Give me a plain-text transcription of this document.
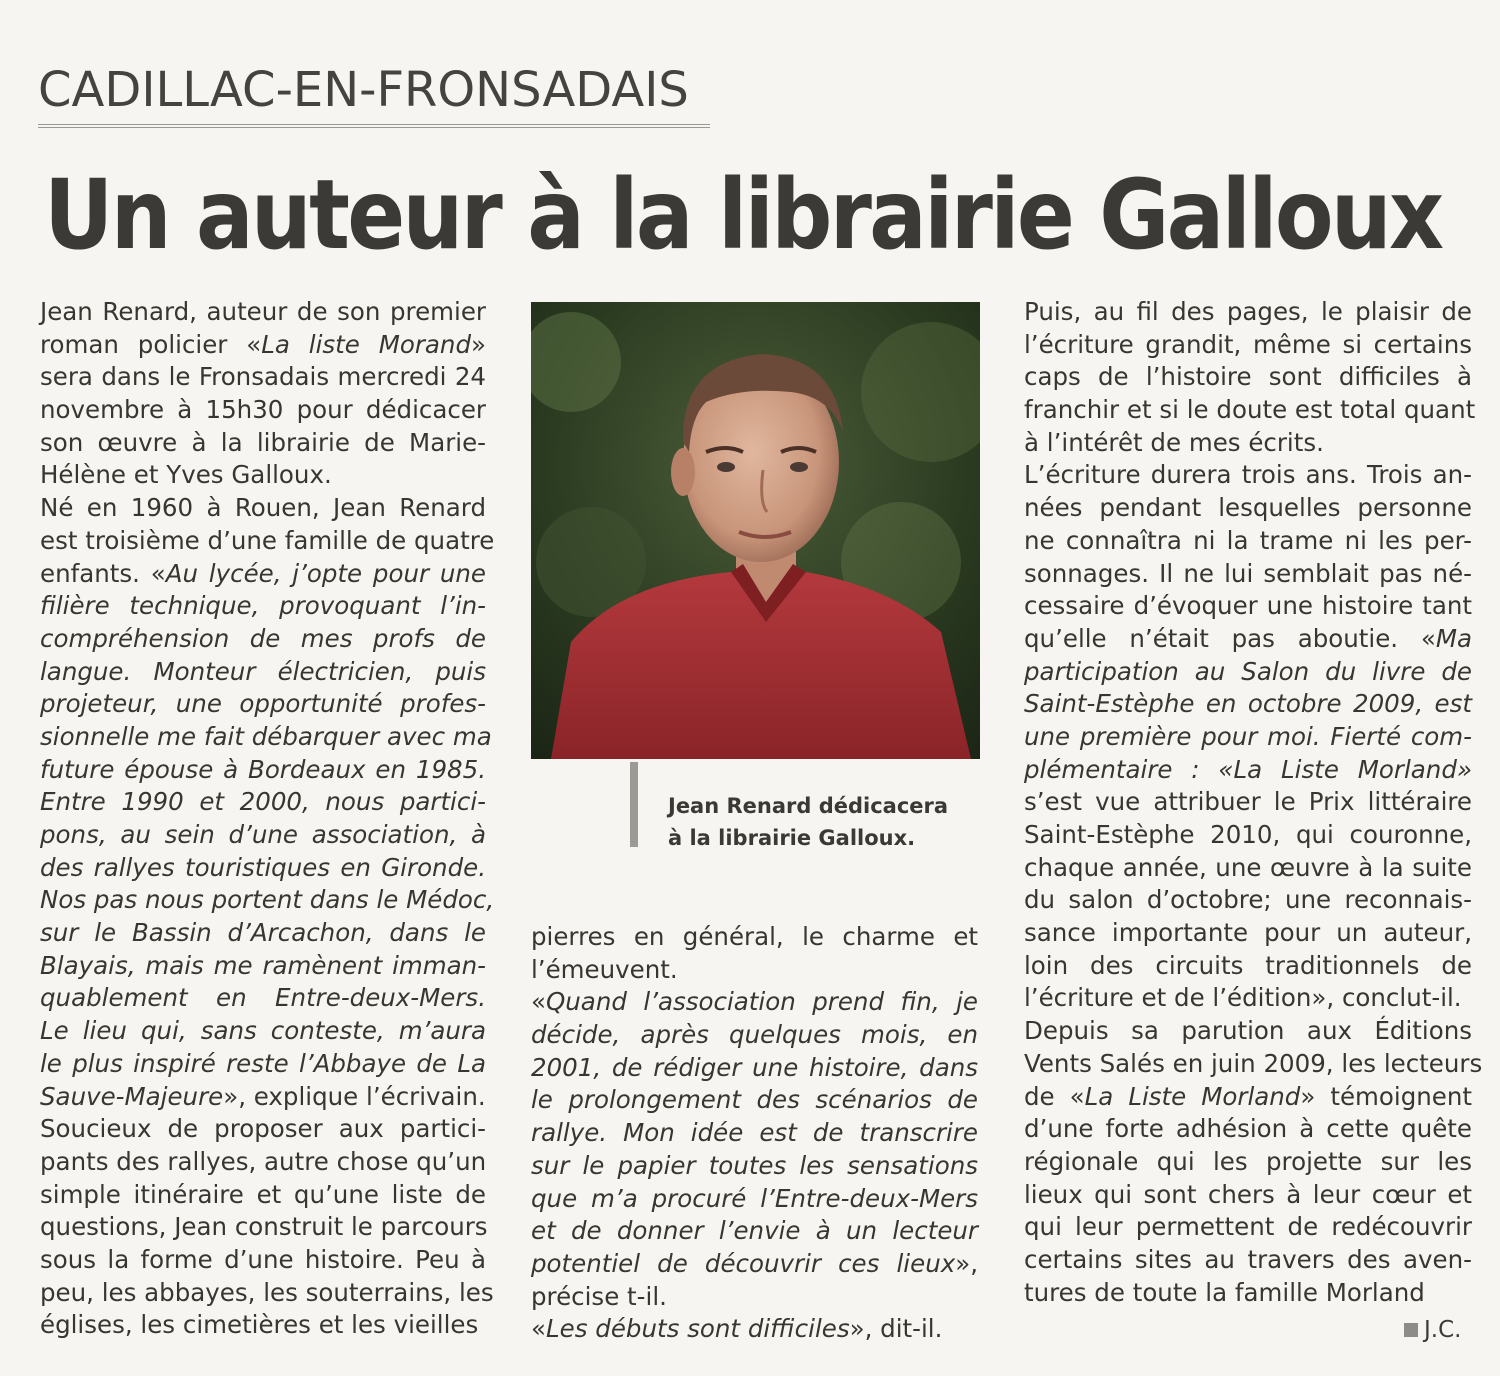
CADILLAC-EN-FRONSADAIS
Un auteur à la librairie Galloux
Jean Renard, auteur de son premier
roman policier «La liste Morand»
sera dans le Fronsadais mercredi 24
novembre à 15h30 pour dédicacer
son œuvre à la librairie de Marie-
Hélène et Yves Galloux.
Né en 1960 à Rouen, Jean Renard
est troisième d’une famille de quatre
enfants. «Au lycée, j’opte pour une
filière technique, provoquant l’in-
compréhension de mes profs de
langue. Monteur électricien, puis
projeteur, une opportunité profes-
sionnelle me fait débarquer avec ma
future épouse à Bordeaux en 1985.
Entre 1990 et 2000, nous partici-
pons, au sein d’une association, à
des rallyes touristiques en Gironde.
Nos pas nous portent dans le Médoc,
sur le Bassin d’Arcachon, dans le
Blayais, mais me ramènent imman-
quablement en Entre-deux-Mers.
Le lieu qui, sans conteste, m’aura
le plus inspiré reste l’Abbaye de La
Sauve-Majeure», explique l’écrivain.
Soucieux de proposer aux partici-
pants des rallyes, autre chose qu’un
simple itinéraire et qu’une liste de
questions, Jean construit le parcours
sous la forme d’une histoire. Peu à
peu, les abbayes, les souterrains, les
églises, les cimetières et les vieilles
Jean Renard dédicacera
à la librairie Galloux.
pierres en général, le charme et
l’émeuvent.
«Quand l’association prend fin, je
décide, après quelques mois, en
2001, de rédiger une histoire, dans
le prolongement des scénarios de
rallye. Mon idée est de transcrire
sur le papier toutes les sensations
que m’a procuré l’Entre-deux-Mers
et de donner l’envie à un lecteur
potentiel de découvrir ces lieux»,
précise t-il.
«Les débuts sont difficiles», dit-il.
Puis, au fil des pages, le plaisir de
l’écriture grandit, même si certains
caps de l’histoire sont difficiles à
franchir et si le doute est total quant
à l’intérêt de mes écrits.
L’écriture durera trois ans. Trois an-
nées pendant lesquelles personne
ne connaîtra ni la trame ni les per-
sonnages. Il ne lui semblait pas né-
cessaire d’évoquer une histoire tant
qu’elle n’était pas aboutie. «Ma
participation au Salon du livre de
Saint-Estèphe en octobre 2009, est
une première pour moi. Fierté com-
plémentaire : «La Liste Morland»
s’est vue attribuer le Prix littéraire
Saint-Estèphe 2010, qui couronne,
chaque année, une œuvre à la suite
du salon d’octobre; une reconnais-
sance importante pour un auteur,
loin des circuits traditionnels de
l’écriture et de l’édition», conclut-il.
Depuis sa parution aux Éditions
Vents Salés en juin 2009, les lecteurs
de «La Liste Morland» témoignent
d’une forte adhésion à cette quête
régionale qui les projette sur les
lieux qui sont chers à leur cœur et
qui leur permettent de redécouvrir
certains sites au travers des aven-
tures de toute la famille Morland
J.C.
